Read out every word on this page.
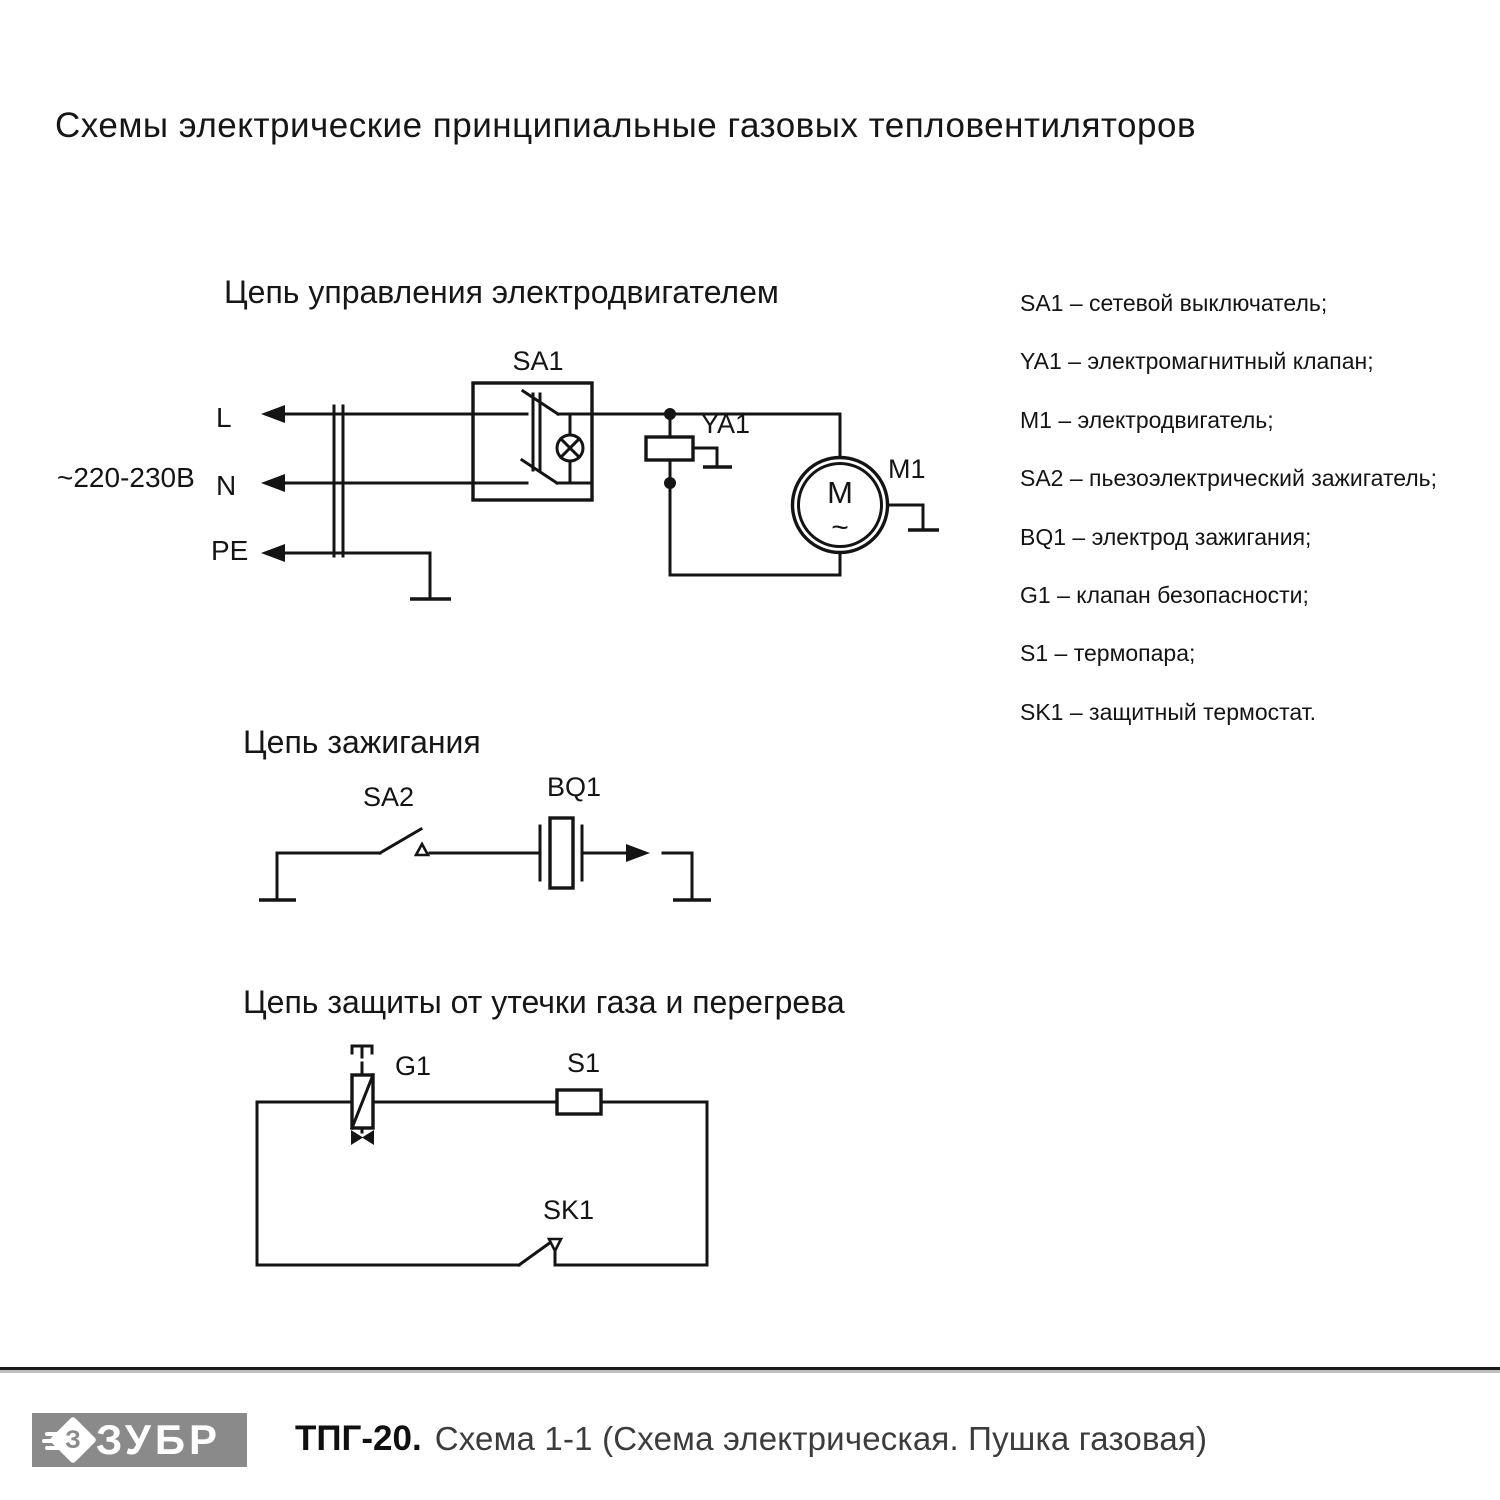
Схемы электрические принципиальные газовых тепловентиляторов
Цепь управления электродвигателем
Цепь зажигания
Цепь защиты от утечки газа и перегрева
SA1 – сетевой выключатель;
YA1 – электромагнитный клапан;
M1 – электродвигатель;
SA2 – пьезоэлектрический зажигатель;
BQ1 – электрод зажигания;
G1 – клапан безопасности;
S1 – термопара;
SK1 – защитный термостат.
~220-230В
L
N
PE
SA1
YA1
M1
M
~
SA2	BQ1
G1	S1
SK1
З ЗУБР ТПГ-20. Схема 1-1 (Схема электрическая. Пушка газовая)
